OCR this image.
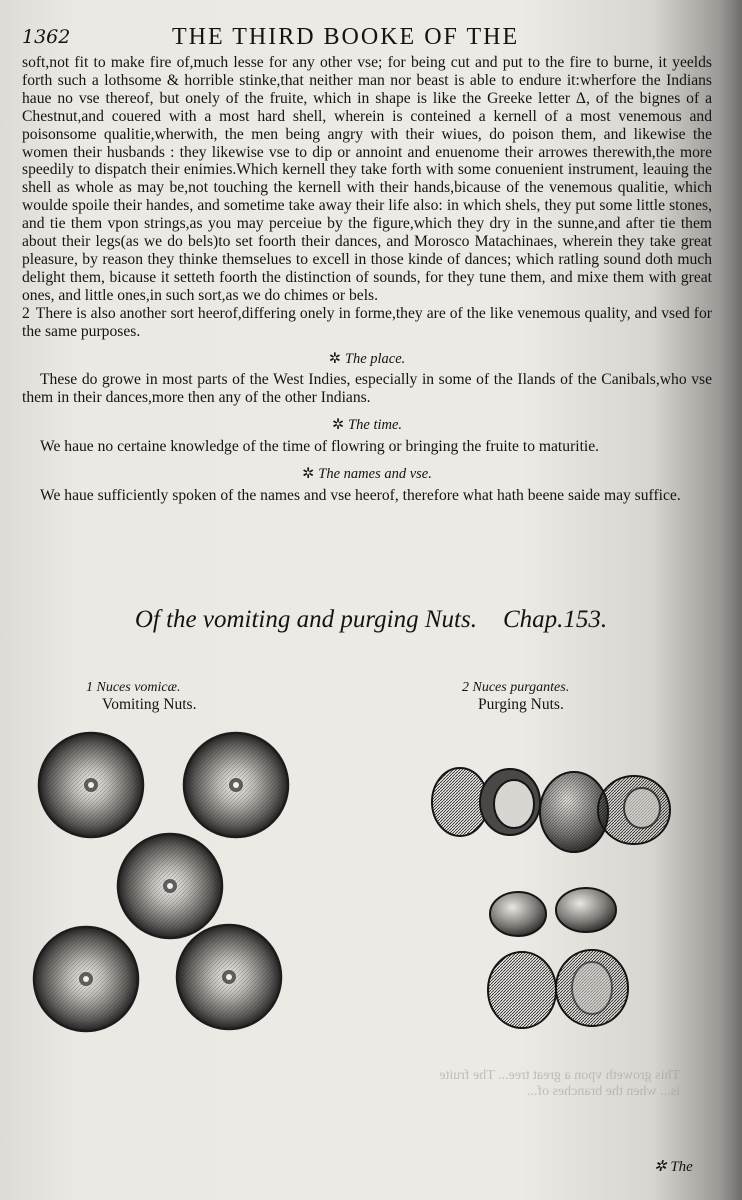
1362	THE THIRD BOOKE OF THE

soft,not fit to make fire of,much lesse for any other vse; for being cut and put to the fire to burne, it yeelds forth such a lothsome & horrible stinke,that neither man nor beast is able to endure it:wherfore the Indians haue no vse thereof, but onely of the fruite, which in shape is like the Greeke letter Δ, of the bignes of a Chestnut,and couered with a most hard shell, wherein is conteined a kernell of a most venemous and poisonsome qualitie,wherwith, the men being angry with their wiues, do poison them, and likewise the women their husbands : they likewise vse to dip or annoint and enuenome their arrowes therewith,the more speedily to dispatch their enimies.Which kernell they take forth with some conuenient instrument, leauing the shell as whole as may be,not touching the kernell with their hands,bicause of the venemous qualitie, which woulde spoile their handes, and sometime take away their life also: in which shels, they put some little stones, and tie them vpon strings,as you may perceiue by the figure,which they dry in the sunne,and after tie them about their legs(as we do bels)to set foorth their dances, and Morosco Matachinaes, wherein they take great pleasure, by reason they thinke themselues to excell in those kinde of dances; which ratling sound doth much delight them, bicause it setteth foorth the distinction of sounds, for they tune them, and mixe them with great ones, and little ones,in such sort,as we do chimes or bels.

2 There is also another sort heerof,differing onely in forme,they are of the like venemous quality, and vsed for the same purposes.

✲ The place.

These do growe in most parts of the West Indies, especially in some of the Ilands of the Canibals,who vse them in their dances,more then any of the other Indians.

✲ The time.

We haue no certaine knowledge of the time of flowring or bringing the fruite to maturitie.

✲ The names and vse.

We haue sufficiently spoken of the names and vse heerof, therefore what hath beene saide may suffice.

Of the vomiting and purging Nuts. Chap.153.
1 Nuces vomicæ.
Vomiting Nuts.
2 Nuces purgantes.
Purging Nuts.
This groweth vpon a great tree... The fruite is... when the branches of...
✲ The
